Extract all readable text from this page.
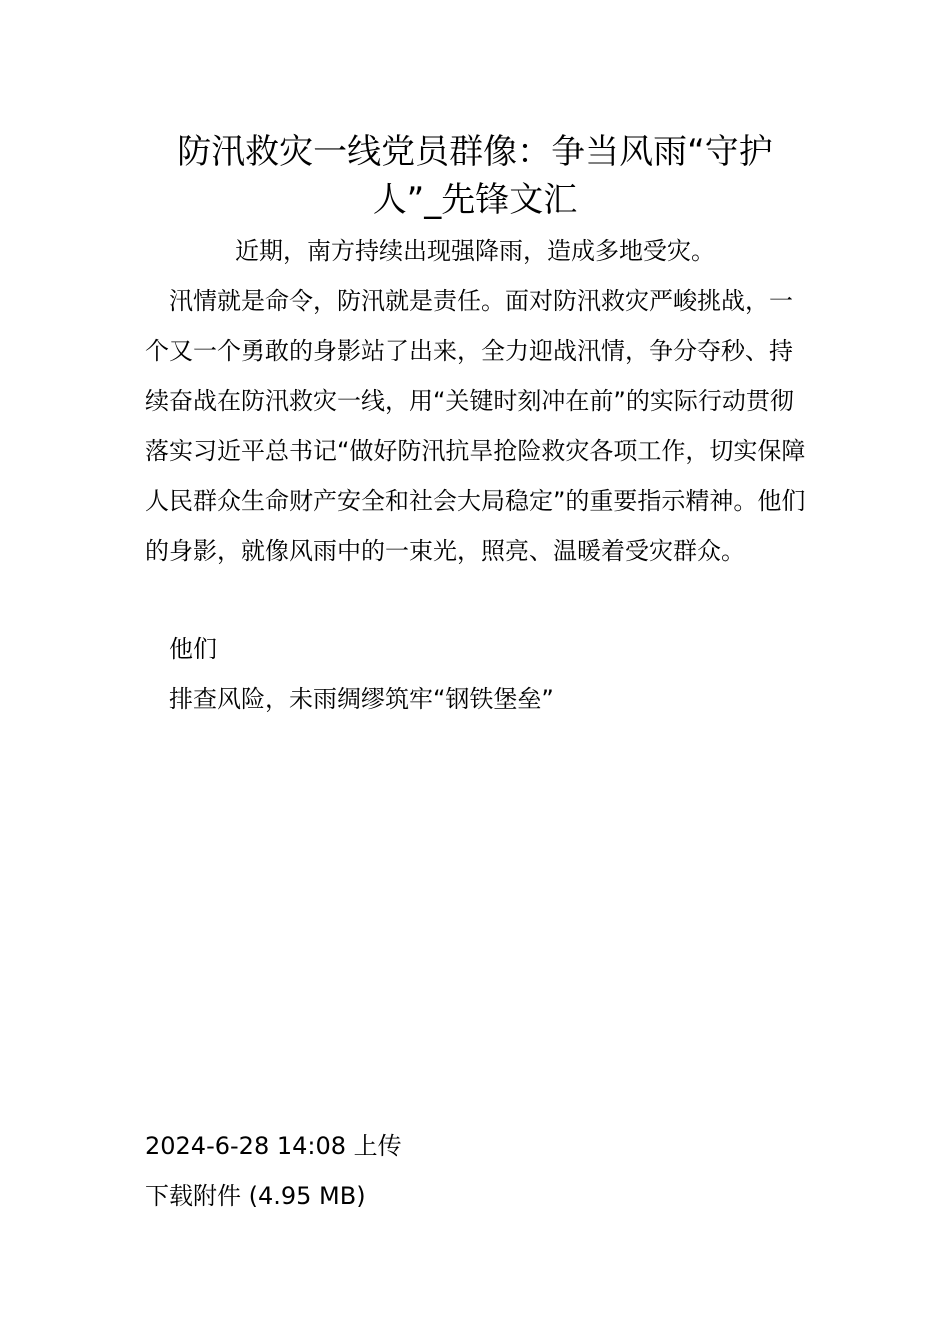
防汛救灾一线党员群像：争当风雨“守护人”_先锋文汇

近期，南方持续出现强降雨，造成多地受灾。

汛情就是命令，防汛就是责任。面对防汛救灾严峻挑战，一个又一个勇敢的身影站了出来，全力迎战汛情，争分夺秒、持续奋战在防汛救灾一线，用“关键时刻冲在前”的实际行动贯彻落实习近平总书记“做好防汛抗旱抢险救灾各项工作，切实保障人民群众生命财产安全和社会大局稳定”的重要指示精神。他们的身影，就像风雨中的一束光，照亮、温暖着受灾群众。

他们

排查风险，未雨绸缪筑牢“钢铁堡垒”

2024-6-28 14:08 上传

下载附件 (4.95 MB)
